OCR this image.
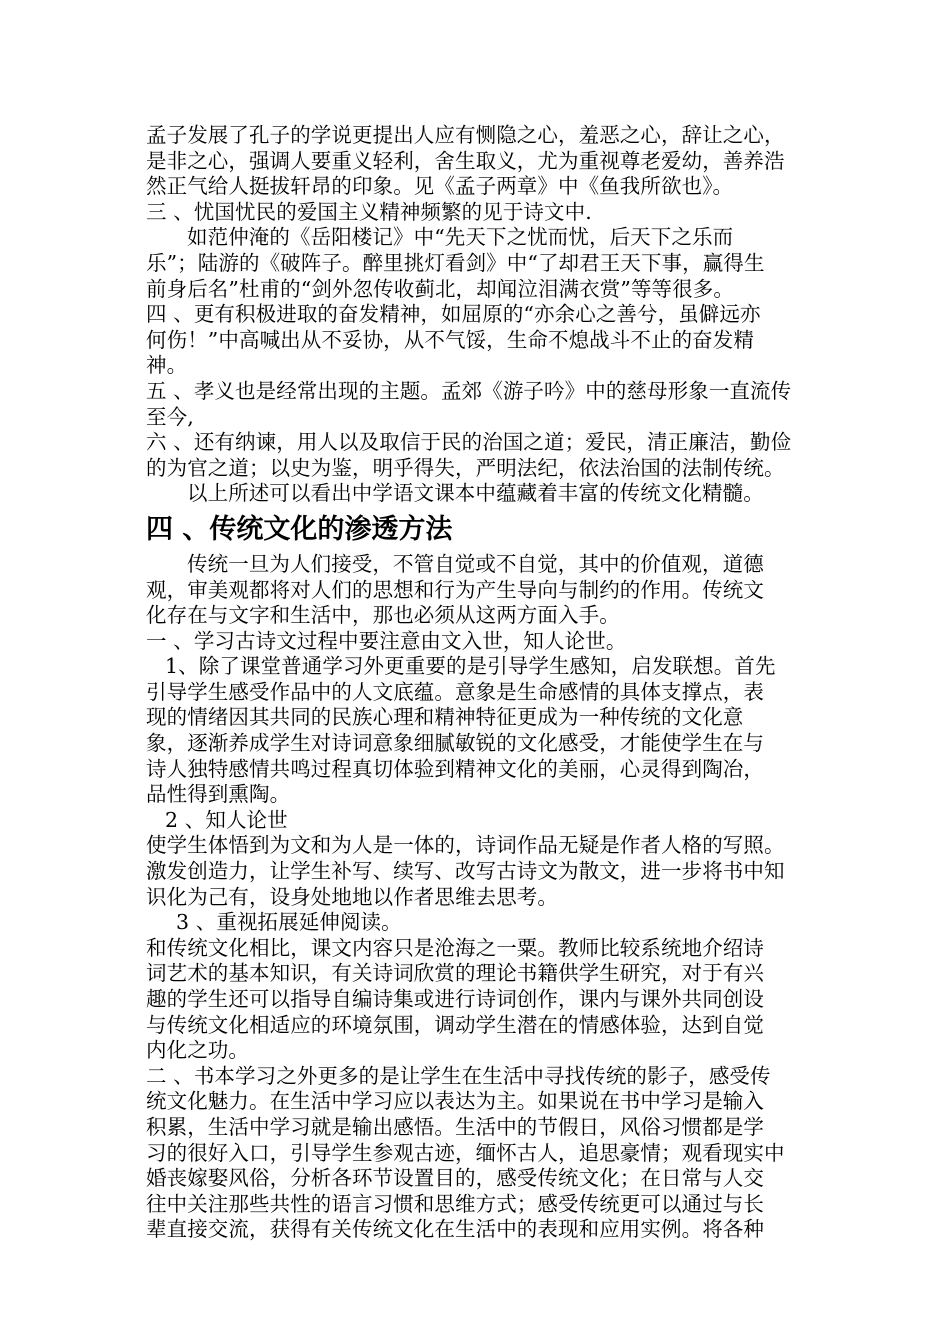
孟子发展了孔子的学说更提出人应有恻隐之心，羞恶之心，辞让之心，
是非之心，强调人要重义轻利，舍生取义，尤为重视尊老爱幼，善养浩
然正气给人挺拔轩昂的印象。见《孟子两章》中《鱼我所欲也》。
三 、忧国忧民的爱国主义精神频繁的见于诗文中.
如范仲淹的《岳阳楼记》中“先天下之忧而忧，后天下之乐而
乐”；陆游的《破阵子。醉里挑灯看剑》中“了却君王天下事，赢得生
前身后名”杜甫的“剑外忽传收蓟北，却闻泣泪满衣赏”等等很多。
四 、更有积极进取的奋发精神，如屈原的“亦余心之善兮，虽僻远亦
何伤！”中高喊出从不妥协，从不气馁，生命不熄战斗不止的奋发精
神。
五 、孝义也是经常出现的主题。孟郊《游子吟》中的慈母形象一直流传
至今,
六 、还有纳谏，用人以及取信于民的治国之道；爱民，清正廉洁，勤俭
的为官之道；以史为鉴，明乎得失，严明法纪，依法治国的法制传统。
以上所述可以看出中学语文课本中蕴藏着丰富的传统文化精髓。
四 、传统文化的渗透方法
传统一旦为人们接受，不管自觉或不自觉，其中的价值观，道德
观，审美观都将对人们的思想和行为产生导向与制约的作用。传统文
化存在与文字和生活中，那也必须从这两方面入手。
一 、学习古诗文过程中要注意由文入世，知人论世。
1、除了课堂普通学习外更重要的是引导学生感知，启发联想。首先
引导学生感受作品中的人文底蕴。意象是生命感情的具体支撑点，表
现的情绪因其共同的民族心理和精神特征更成为一种传统的文化意
象，逐渐养成学生对诗词意象细腻敏锐的文化感受，才能使学生在与
诗人独特感情共鸣过程真切体验到精神文化的美丽，心灵得到陶冶，
品性得到熏陶。
2 、知人论世
使学生体悟到为文和为人是一体的，诗词作品无疑是作者人格的写照。
激发创造力，让学生补写、续写、改写古诗文为散文，进一步将书中知
识化为己有，设身处地地以作者思维去思考。
3 、重视拓展延伸阅读。
和传统文化相比，课文内容只是沧海之一粟。教师比较系统地介绍诗
词艺术的基本知识，有关诗词欣赏的理论书籍供学生研究，对于有兴
趣的学生还可以指导自编诗集或进行诗词创作，课内与课外共同创设
与传统文化相适应的环境氛围，调动学生潜在的情感体验，达到自觉
内化之功。
二 、书本学习之外更多的是让学生在生活中寻找传统的影子，感受传
统文化魅力。在生活中学习应以表达为主。如果说在书中学习是输入
积累，生活中学习就是输出感悟。生活中的节假日，风俗习惯都是学
习的很好入口，引导学生参观古迹，缅怀古人，追思豪情；观看现实中
婚丧嫁娶风俗，分析各环节设置目的，感受传统文化；在日常与人交
往中关注那些共性的语言习惯和思维方式；感受传统更可以通过与长
辈直接交流，获得有关传统文化在生活中的表现和应用实例。将各种
